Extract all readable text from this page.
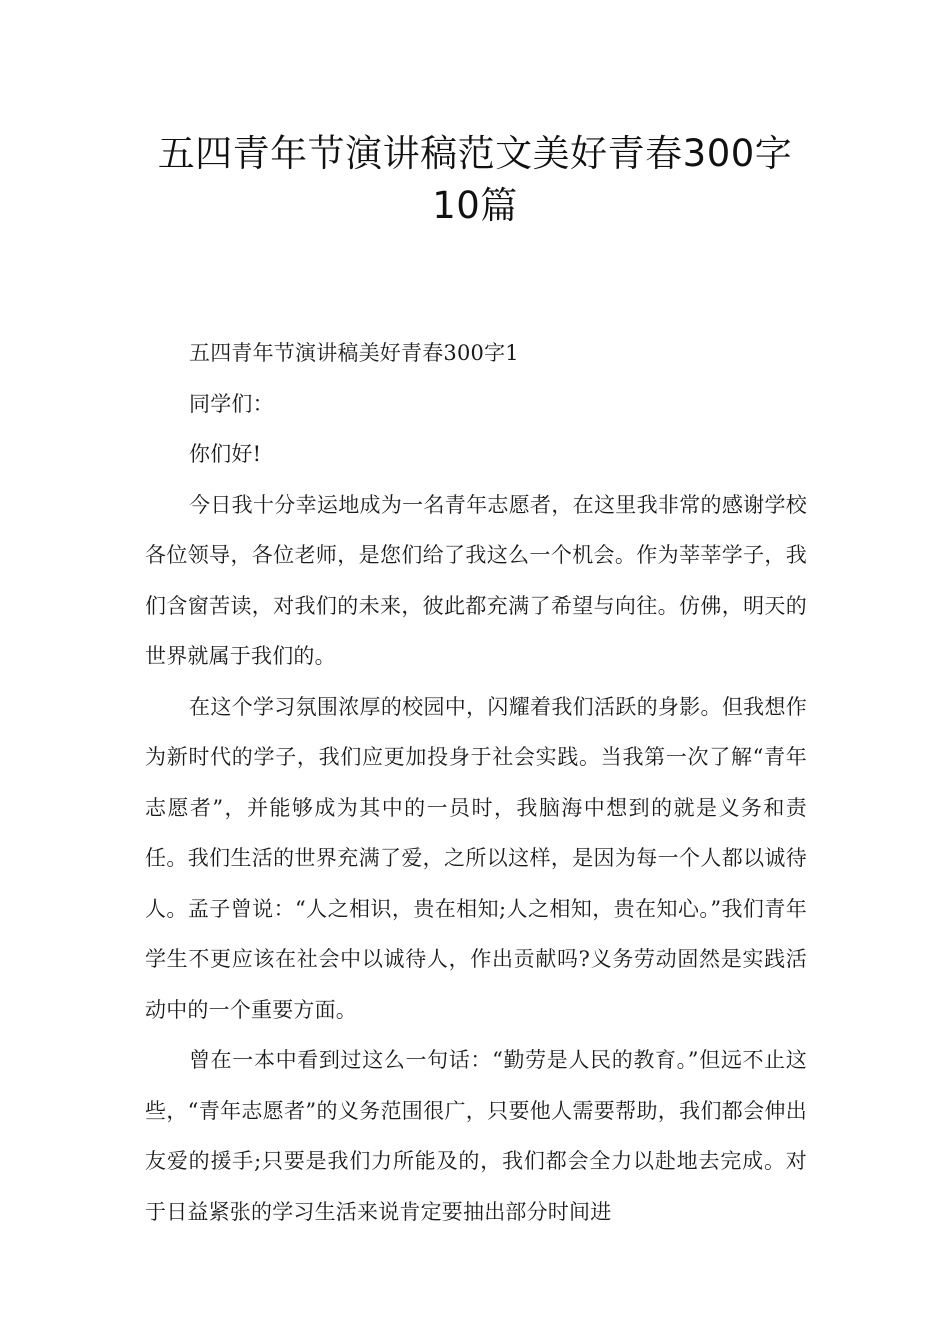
五四青年节演讲稿范文美好青春300字
10篇

五四青年节演讲稿美好青春300字1

同学们：

你们好!

今日我十分幸运地成为一名青年志愿者，在这里我非常的感谢学校各位领导，各位老师，是您们给了我这么一个机会。作为莘莘学子，我们含窗苦读，对我们的未来，彼此都充满了希望与向往。仿佛，明天的世界就属于我们的。

在这个学习氛围浓厚的校园中，闪耀着我们活跃的身影。但我想作为新时代的学子，我们应更加投身于社会实践。当我第一次了解“青年志愿者”，并能够成为其中的一员时，我脑海中想到的就是义务和责任。我们生活的世界充满了爱，之所以这样，是因为每一个人都以诚待人。孟子曾说：“人之相识，贵在相知;人之相知，贵在知心。”我们青年学生不更应该在社会中以诚待人，作出贡献吗?义务劳动固然是实践活动中的一个重要方面。

曾在一本中看到过这么一句话：“勤劳是人民的教育。”但远不止这些，“青年志愿者”的义务范围很广，只要他人需要帮助，我们都会伸出友爱的援手;只要是我们力所能及的，我们都会全力以赴地去完成。对于日益紧张的学习生活来说肯定要抽出部分时间进
